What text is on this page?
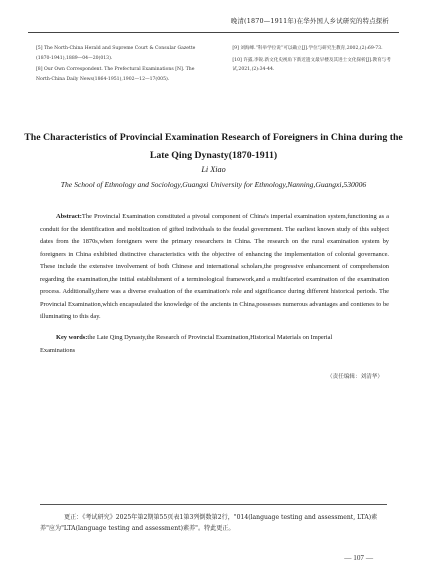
晚清(1870—1911年)在华外国人乡试研究的特点探析
[5] The North-China Herald and Supreme Court & Consular Gazette (1870-1941),1889—04—20(013).
[8] Our Own Correspondent. The Prefectural Examinations [N]. The North-China Daily News(1864-1951),1902—12—17(005).
[9] 刘海峰.“科举学位说”可以确立[J].学位与研究生教育,2002,(2):69-73.
[10] 许露,李锐.新文化史视角下新近遗文最早楼及其进士文化探析[J].教育与考试,2021,(2):34-44.
The Characteristics of Provincial Examination Research of Foreigners in China during the Late Qing Dynasty(1870-1911)
Li Xiao
The School of Ethnology and Sociology,Guangxi University for Ethnology,Nanning,Guangxi,530006
Abstract:The Provincial Examination constituted a pivotal component of China's imperial examination system,functioning as a conduit for the identification and mobilization of gifted individuals to the feudal government. The earliest known study of this subject dates from the 1870s,when foreigners were the primary researchers in China. The research on the rural examination system by foreigners in China exhibited distinctive characteristics with the objective of enhancing the implementation of colonial governance. These include the extensive involvement of both Chinese and international scholars,the progressive enhancement of comprehension regarding the examination,the initial establishment of a terminological framework,and a multifaceted examination of the examination process. Additionally,there was a diverse evaluation of the examination's role and significance during different historical periods. The Provincial Examination,which encapsulated the knowledge of the ancients in China,possesses numerous advantages and contienes to be illuminating to this day.
Key words:the Late Qing Dynasty,the Research of Provincial Examination,Historical Materials on Imperial Examinations
（责任编辑：刘清华）
更正：《考试研究》2025年第2期第55页表1第3列倒数第2行，"014(language testing and assessment, LTA)素养"应为"LTA(language testing and assessment)素养"。特此更正。
— 107 —
